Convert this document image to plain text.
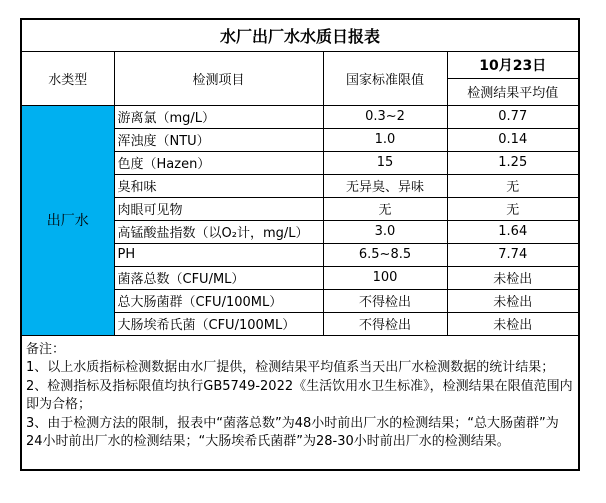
水厂出厂水水质日报表			
水类型	检测项目	国家标准限值	10月23日
			检测结果平均值
出厂水	游离氯（mg/L）	0.3~2	0.77
	浑浊度（NTU）	1.0	0.14
	色度（Hazen）	15	1.25
	臭和味	无异臭、异味	无
	肉眼可见物	无	无
	高锰酸盐指数（以O₂计，mg/L）	3.0	1.64
	PH	6.5~8.5	7.74
	菌落总数（CFU/ML）	100	未检出
	总大肠菌群（CFU/100ML）	不得检出	未检出
	大肠埃希氏菌（CFU/100ML）	不得检出	未检出

备注：

1、以上水质指标检测数据由水厂提供，检测结果平均值系当天出厂水检测数据的统计结果；

2、检测指标及指标限值均执行GB5749-2022《生活饮用水卫生标准》，检测结果在限值范围内即为合格；

3、由于检测方法的限制，报表中“菌落总数”为48小时前出厂水的检测结果；“总大肠菌群”为24小时前出厂水的检测结果；“大肠埃希氏菌群”为28-30小时前出厂水的检测结果。			
